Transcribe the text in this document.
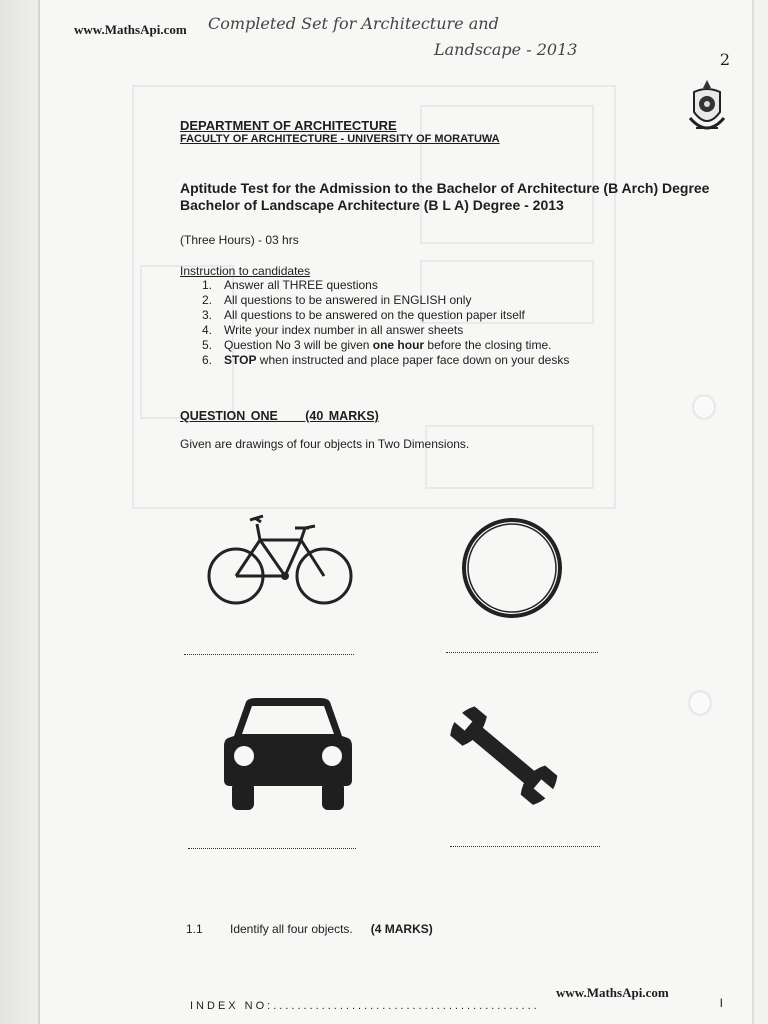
www.MathsApi.com Completed Set for Architecture and
Landscape - 2013
2
DEPARTMENT OF ARCHITECTURE
FACULTY OF ARCHITECTURE - UNIVERSITY OF MORATUWA
Aptitude Test for the Admission to the Bachelor of Architecture (B Arch) Degree
Bachelor of Landscape Architecture (B L A) Degree - 2013
(Three Hours) - 03 hrs
Instruction to candidates
1. Answer all THREE questions
2. All questions to be answered in ENGLISH only
3. All questions to be answered on the question paper itself
4. Write your index number in all answer sheets
5. Question No 3 will be given one hour before the closing time.
6. STOP when instructed and place paper face down on your desks
QUESTION ONE (40 MARKS)
Given are drawings of four objects in Two Dimensions.
1.1 Identify all four objects. (4 MARKS)
INDEX NO:............................................
www.MathsApi.com
I
